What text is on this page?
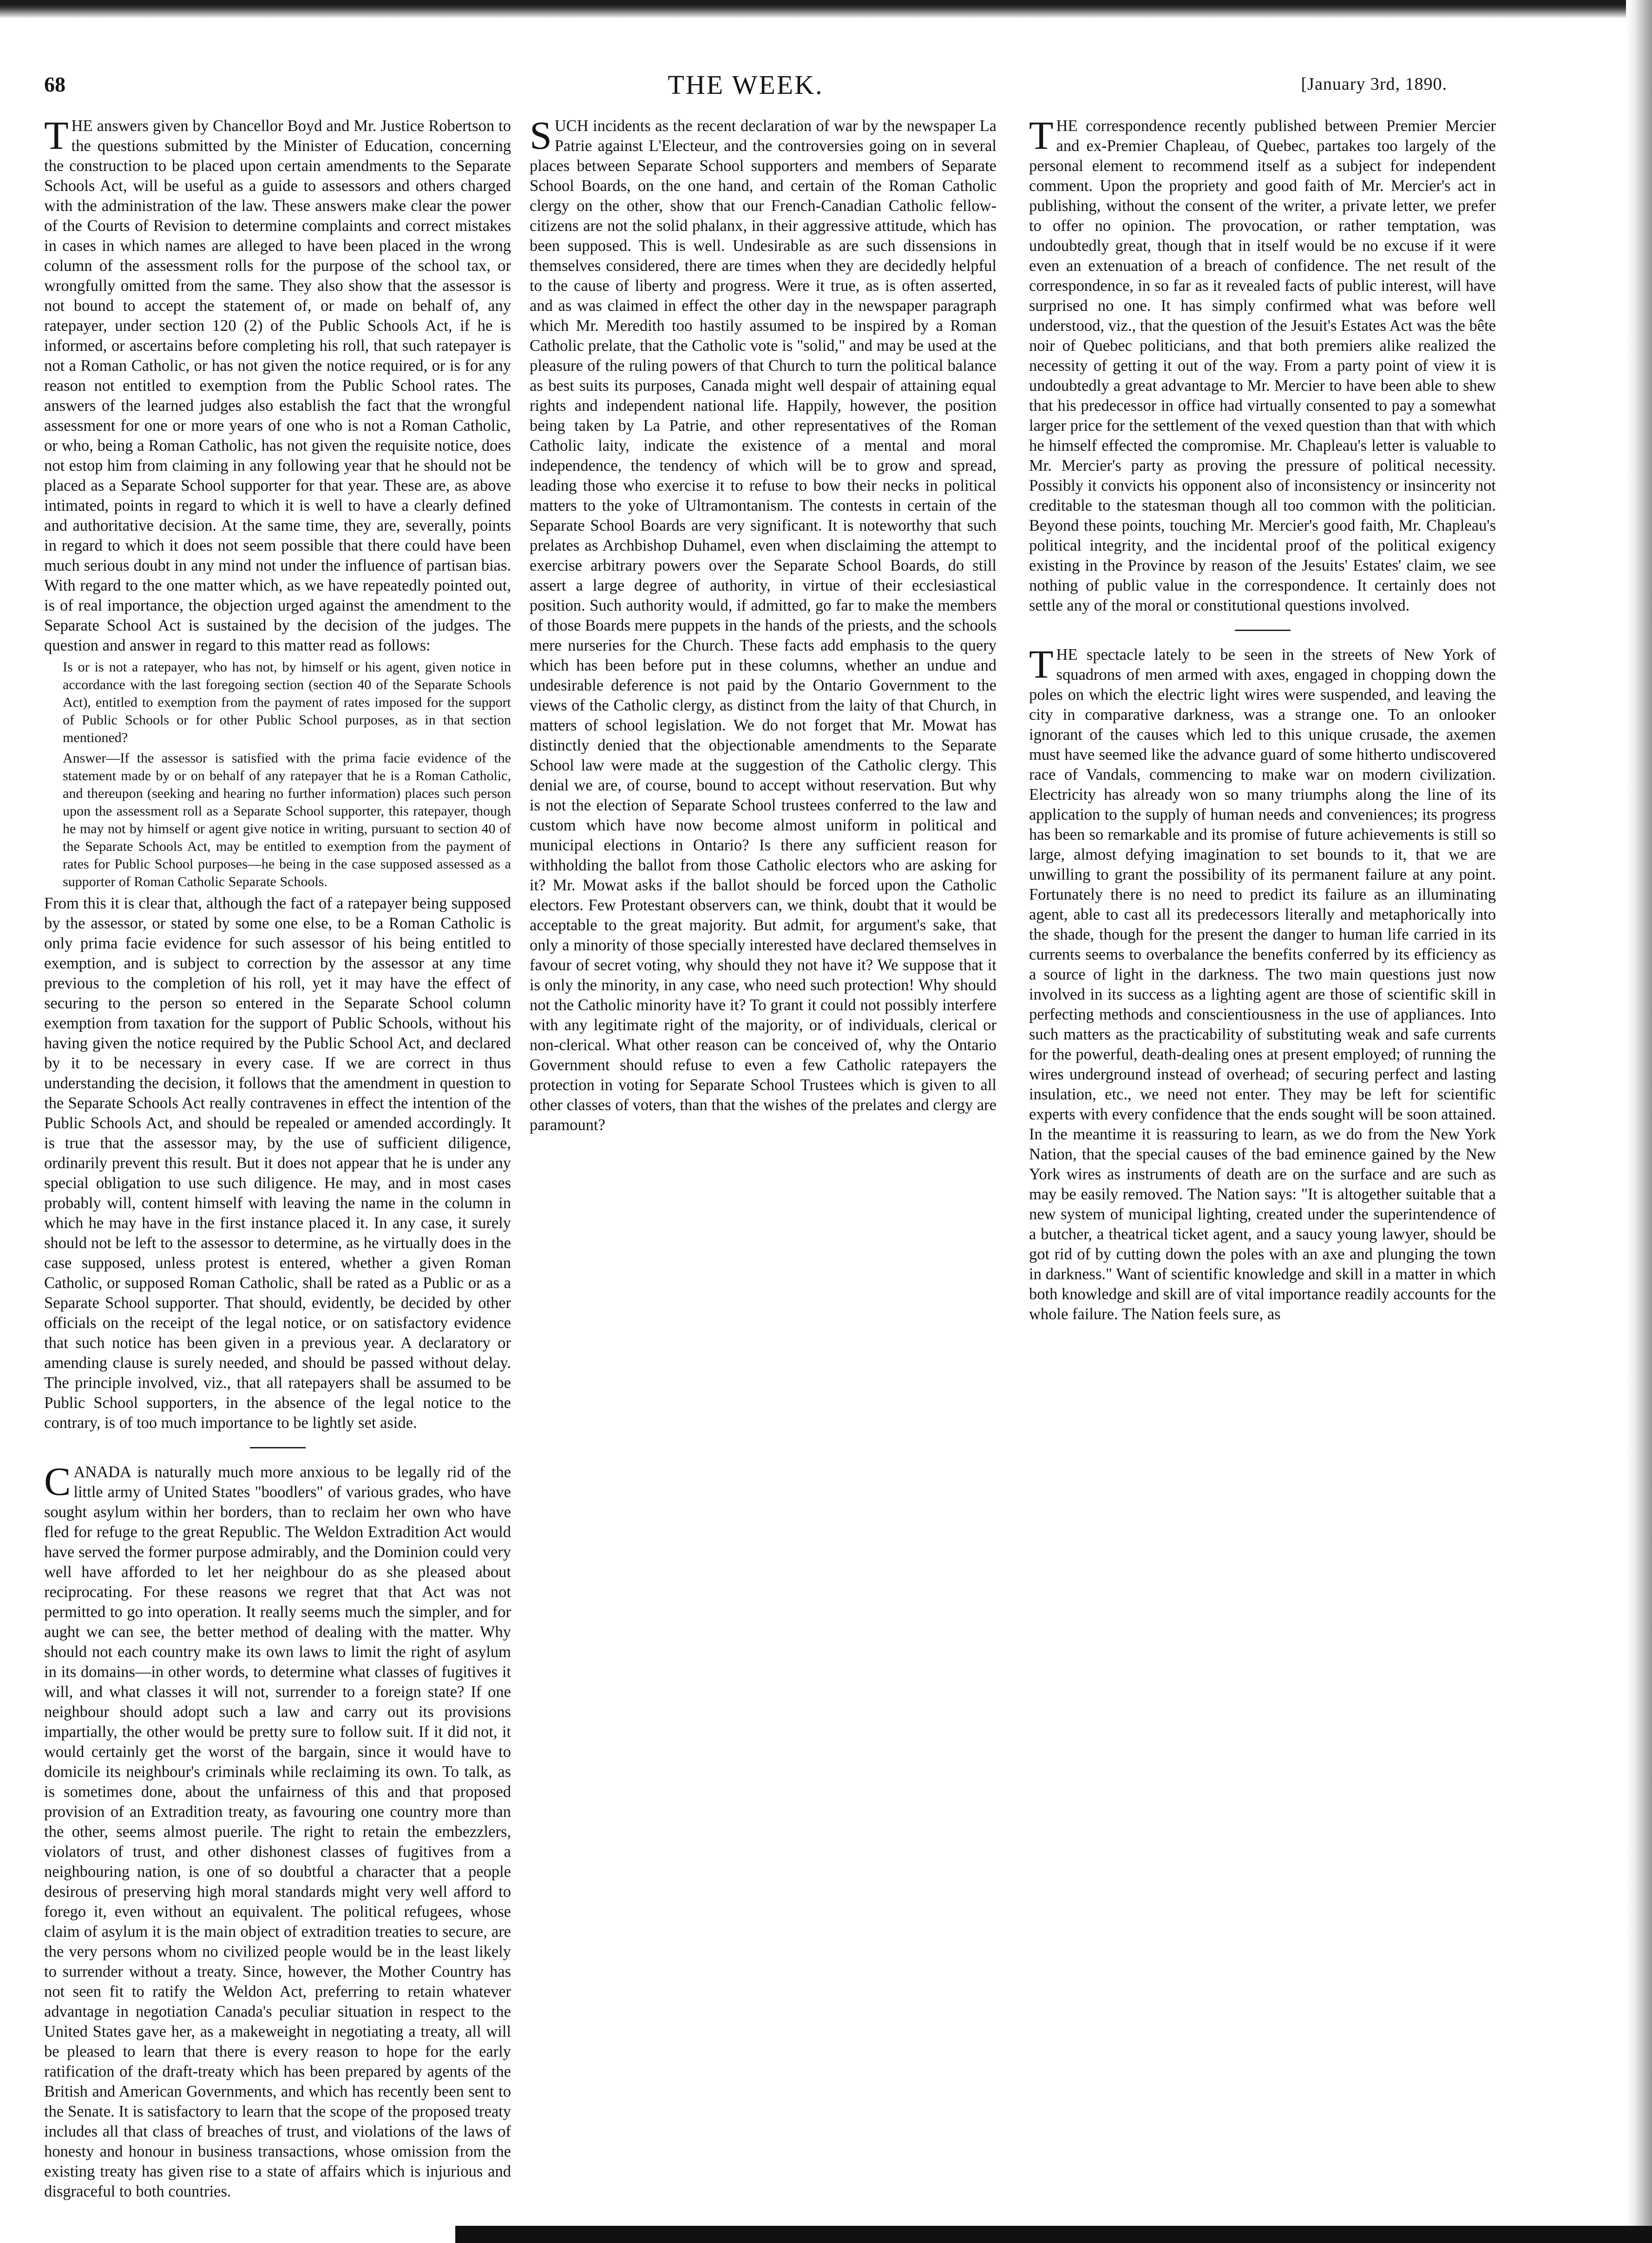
68	THE WEEK.	[January 3rd, 1890.

THE answers given by Chancellor Boyd and Mr. Justice Robertson to the questions submitted by the Minister of Education, concerning the construction to be placed upon certain amendments to the Separate Schools Act, will be useful as a guide to assessors and others charged with the administration of the law. These answers make clear the power of the Courts of Revision to determine complaints and correct mistakes in cases in which names are alleged to have been placed in the wrong column of the assessment rolls for the purpose of the school tax, or wrongfully omitted from the same. They also show that the assessor is not bound to accept the statement of, or made on behalf of, any ratepayer, under section 120 (2) of the Public Schools Act, if he is informed, or ascertains before completing his roll, that such ratepayer is not a Roman Catholic, or has not given the notice required, or is for any reason not entitled to exemption from the Public School rates. The answers of the learned judges also establish the fact that the wrongful assessment for one or more years of one who is not a Roman Catholic, or who, being a Roman Catholic, has not given the requisite notice, does not estop him from claiming in any following year that he should not be placed as a Separate School supporter for that year. These are, as above intimated, points in regard to which it is well to have a clearly defined and authoritative decision. At the same time, they are, severally, points in regard to which it does not seem possible that there could have been much serious doubt in any mind not under the influence of partisan bias. With regard to the one matter which, as we have repeatedly pointed out, is of real importance, the objection urged against the amendment to the Separate School Act is sustained by the decision of the judges. The question and answer in regard to this matter read as follows:

Is or is not a ratepayer, who has not, by himself or his agent, given notice in accordance with the last foregoing section (section 40 of the Separate Schools Act), entitled to exemption from the payment of rates imposed for the support of Public Schools or for other Public School purposes, as in that section mentioned?
Answer—If the assessor is satisfied with the prima facie evidence of the statement made by or on behalf of any ratepayer that he is a Roman Catholic, and thereupon (seeking and hearing no further information) places such person upon the assessment roll as a Separate School supporter, this ratepayer, though he may not by himself or agent give notice in writing, pursuant to section 40 of the Separate Schools Act, may be entitled to exemption from the payment of rates for Public School purposes—he being in the case supposed assessed as a supporter of Roman Catholic Separate Schools.

From this it is clear that, although the fact of a ratepayer being supposed by the assessor, or stated by some one else, to be a Roman Catholic is only prima facie evidence for such assessor of his being entitled to exemption, and is subject to correction by the assessor at any time previous to the completion of his roll, yet it may have the effect of securing to the person so entered in the Separate School column exemption from taxation for the support of Public Schools, without his having given the notice required by the Public School Act, and declared by it to be necessary in every case. If we are correct in thus understanding the decision, it follows that the amendment in question to the Separate Schools Act really contravenes in effect the intention of the Public Schools Act, and should be repealed or amended accordingly. It is true that the assessor may, by the use of sufficient diligence, ordinarily prevent this result. But it does not appear that he is under any special obligation to use such diligence. He may, and in most cases probably will, content himself with leaving the name in the column in which he may have in the first instance placed it. In any case, it surely should not be left to the assessor to determine, as he virtually does in the case supposed, unless protest is entered, whether a given Roman Catholic, or supposed Roman Catholic, shall be rated as a Public or as a Separate School supporter. That should, evidently, be decided by other officials on the receipt of the legal notice, or on satisfactory evidence that such notice has been given in a previous year. A declaratory or amending clause is surely needed, and should be passed without delay. The principle involved, viz., that all ratepayers shall be assumed to be Public School supporters, in the absence of the legal notice to the contrary, is of too much importance to be lightly set aside.

CANADA is naturally much more anxious to be legally rid of the little army of United States "boodlers" of various grades, who have sought asylum within her borders, than to reclaim her own who have fled for refuge to the great Republic. The Weldon Extradition Act would have served the former purpose admirably, and the Dominion could very well have afforded to let her neighbour do as she pleased about reciprocating. For these reasons we regret that that Act was not permitted to go into operation. It really seems much the simpler, and for aught we can see, the better method of dealing with the matter. Why should not each country make its own laws to limit the right of asylum in its domains—in other words, to determine what classes of fugitives it will, and what classes it will not, surrender to a foreign state? If one neighbour should adopt such a law and carry out its provisions impartially, the other would be pretty sure to follow suit. If it did not, it would certainly get the worst of the bargain, since it would have to domicile its neighbour's criminals while reclaiming its own. To talk, as is sometimes done, about the unfairness of this and that proposed provision of an Extradition treaty, as favouring one country more than the other, seems almost puerile. The right to retain the embezzlers, violators of trust, and other dishonest classes of fugitives from a neighbouring nation, is one of so doubtful a character that a people desirous of preserving high moral standards might very well afford to forego it, even without an equivalent. The political refugees, whose claim of asylum it is the main object of extradition treaties to secure, are the very persons whom no civilized people would be in the least likely to surrender without a treaty. Since, however, the Mother Country has not seen fit to ratify the Weldon Act, preferring to retain whatever advantage in negotiation Canada's peculiar situation in respect to the United States gave her, as a makeweight in negotiating a treaty, all will be pleased to learn that there is every reason to hope for the early ratification of the draft-treaty which has been prepared by agents of the British and American Governments, and which has recently been sent to the Senate. It is satisfactory to learn that the scope of the proposed treaty includes all that class of breaches of trust, and violations of the laws of honesty and honour in business transactions, whose omission from the existing treaty has given rise to a state of affairs which is injurious and disgraceful to both countries.

SUCH incidents as the recent declaration of war by the newspaper La Patrie against L'Electeur, and the controversies going on in several places between Separate School supporters and members of Separate School Boards, on the one hand, and certain of the Roman Catholic clergy on the other, show that our French-Canadian Catholic fellow-citizens are not the solid phalanx, in their aggressive attitude, which has been supposed. This is well. Undesirable as are such dissensions in themselves considered, there are times when they are decidedly helpful to the cause of liberty and progress. Were it true, as is often asserted, and as was claimed in effect the other day in the newspaper paragraph which Mr. Meredith too hastily assumed to be inspired by a Roman Catholic prelate, that the Catholic vote is "solid," and may be used at the pleasure of the ruling powers of that Church to turn the political balance as best suits its purposes, Canada might well despair of attaining equal rights and independent national life. Happily, however, the position being taken by La Patrie, and other representatives of the Roman Catholic laity, indicate the existence of a mental and moral independence, the tendency of which will be to grow and spread, leading those who exercise it to refuse to bow their necks in political matters to the yoke of Ultramontanism. The contests in certain of the Separate School Boards are very significant. It is noteworthy that such prelates as Archbishop Duhamel, even when disclaiming the attempt to exercise arbitrary powers over the Separate School Boards, do still assert a large degree of authority, in virtue of their ecclesiastical position. Such authority would, if admitted, go far to make the members of those Boards mere puppets in the hands of the priests, and the schools mere nurseries for the Church. These facts add emphasis to the query which has been before put in these columns, whether an undue and undesirable deference is not paid by the Ontario Government to the views of the Catholic clergy, as distinct from the laity of that Church, in matters of school legislation. We do not forget that Mr. Mowat has distinctly denied that the objectionable amendments to the Separate School law were made at the suggestion of the Catholic clergy. This denial we are, of course, bound to accept without reservation. But why is not the election of Separate School trustees conferred to the law and custom which have now become almost uniform in political and municipal elections in Ontario? Is there any sufficient reason for withholding the ballot from those Catholic electors who are asking for it? Mr. Mowat asks if the ballot should be forced upon the Catholic electors. Few Protestant observers can, we think, doubt that it would be acceptable to the great majority. But admit, for argument's sake, that only a minority of those specially interested have declared themselves in favour of secret voting, why should they not have it? We suppose that it is only the minority, in any case, who need such protection! Why should not the Catholic minority have it? To grant it could not possibly interfere with any legitimate right of the majority, or of individuals, clerical or non-clerical. What other reason can be conceived of, why the Ontario Government should refuse to even a few Catholic ratepayers the protection in voting for Separate School Trustees which is given to all other classes of voters, than that the wishes of the prelates and clergy are paramount?

THE correspondence recently published between Premier Mercier and ex-Premier Chapleau, of Quebec, partakes too largely of the personal element to recommend itself as a subject for independent comment. Upon the propriety and good faith of Mr. Mercier's act in publishing, without the consent of the writer, a private letter, we prefer to offer no opinion. The provocation, or rather temptation, was undoubtedly great, though that in itself would be no excuse if it were even an extenuation of a breach of confidence. The net result of the correspondence, in so far as it revealed facts of public interest, will have surprised no one. It has simply confirmed what was before well understood, viz., that the question of the Jesuit's Estates Act was the bête noir of Quebec politicians, and that both premiers alike realized the necessity of getting it out of the way. From a party point of view it is undoubtedly a great advantage to Mr. Mercier to have been able to shew that his predecessor in office had virtually consented to pay a somewhat larger price for the settlement of the vexed question than that with which he himself effected the compromise. Mr. Chapleau's letter is valuable to Mr. Mercier's party as proving the pressure of political necessity. Possibly it convicts his opponent also of inconsistency or insincerity not creditable to the statesman though all too common with the politician. Beyond these points, touching Mr. Mercier's good faith, Mr. Chapleau's political integrity, and the incidental proof of the political exigency existing in the Province by reason of the Jesuits' Estates' claim, we see nothing of public value in the correspondence. It certainly does not settle any of the moral or constitutional questions involved.

THE spectacle lately to be seen in the streets of New York of squadrons of men armed with axes, engaged in chopping down the poles on which the electric light wires were suspended, and leaving the city in comparative darkness, was a strange one. To an onlooker ignorant of the causes which led to this unique crusade, the axemen must have seemed like the advance guard of some hitherto undiscovered race of Vandals, commencing to make war on modern civilization. Electricity has already won so many triumphs along the line of its application to the supply of human needs and conveniences; its progress has been so remarkable and its promise of future achievements is still so large, almost defying imagination to set bounds to it, that we are unwilling to grant the possibility of its permanent failure at any point. Fortunately there is no need to predict its failure as an illuminating agent, able to cast all its predecessors literally and metaphorically into the shade, though for the present the danger to human life carried in its currents seems to overbalance the benefits conferred by its efficiency as a source of light in the darkness. The two main questions just now involved in its success as a lighting agent are those of scientific skill in perfecting methods and conscientiousness in the use of appliances. Into such matters as the practicability of substituting weak and safe currents for the powerful, death-dealing ones at present employed; of running the wires underground instead of overhead; of securing perfect and lasting insulation, etc., we need not enter. They may be left for scientific experts with every confidence that the ends sought will be soon attained. In the meantime it is reassuring to learn, as we do from the New York Nation, that the special causes of the bad eminence gained by the New York wires as instruments of death are on the surface and are such as may be easily removed. The Nation says: "It is altogether suitable that a new system of municipal lighting, created under the superintendence of a butcher, a theatrical ticket agent, and a saucy young lawyer, should be got rid of by cutting down the poles with an axe and plunging the town in darkness." Want of scientific knowledge and skill in a matter in which both knowledge and skill are of vital importance readily accounts for the whole failure. The Nation feels sure, as
